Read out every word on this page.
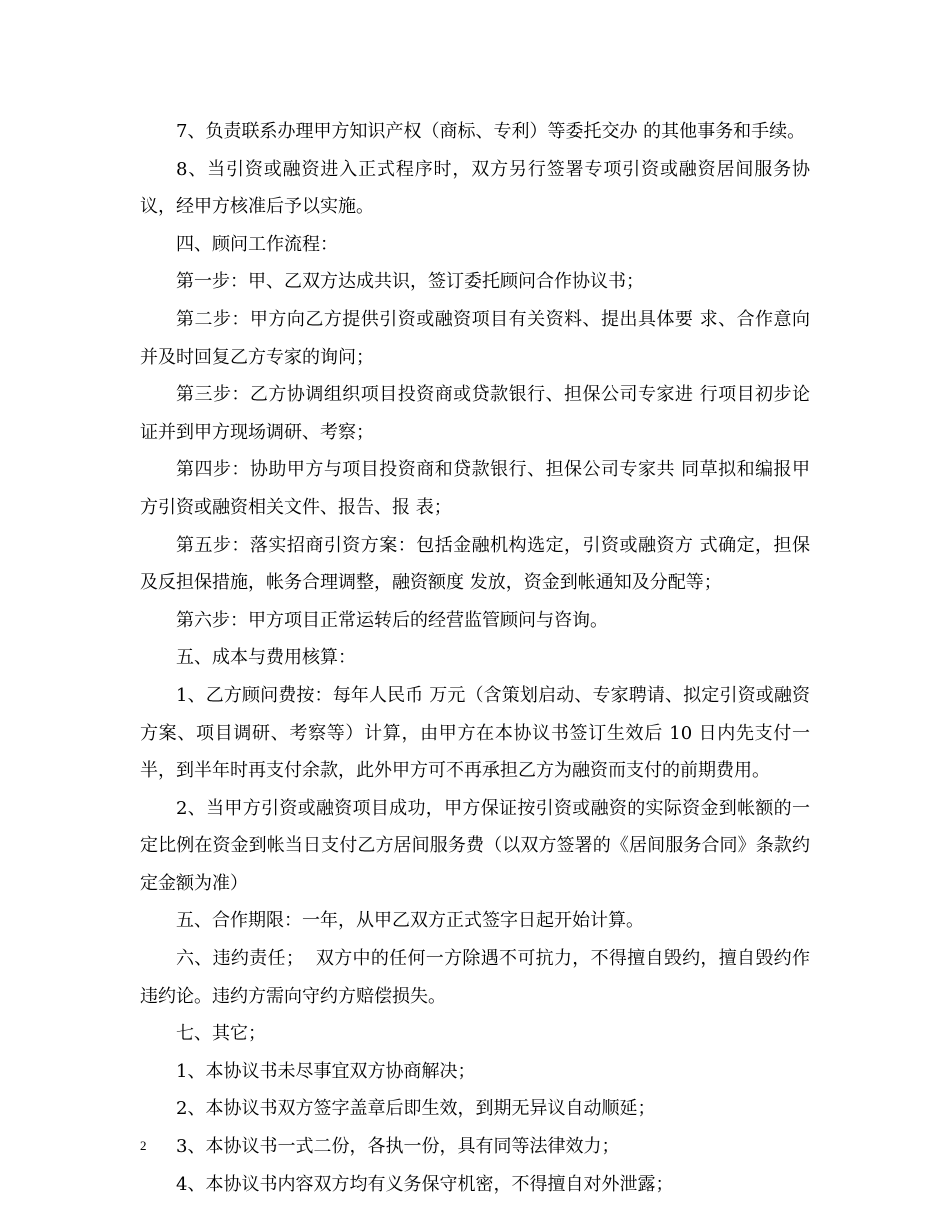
7、负责联系办理甲方知识产权（商标、专利）等委托交办 的其他事务和手续。

8、当引资或融资进入正式程序时，双方另行签署专项引资或融资居间服务协议，经甲方核准后予以实施。

四、顾问工作流程：

第一步：甲、乙双方达成共识，签订委托顾问合作协议书；

第二步：甲方向乙方提供引资或融资项目有关资料、提出具体要 求、合作意向并及时回复乙方专家的询问；

第三步：乙方协调组织项目投资商或贷款银行、担保公司专家进 行项目初步论证并到甲方现场调研、考察；

第四步：协助甲方与项目投资商和贷款银行、担保公司专家共 同草拟和编报甲方引资或融资相关文件、报告、报 表；

第五步：落实招商引资方案：包括金融机构选定，引资或融资方 式确定，担保及反担保措施，帐务合理调整，融资额度 发放，资金到帐通知及分配等；

第六步：甲方项目正常运转后的经营监管顾问与咨询。

五、成本与费用核算：

1、乙方顾问费按：每年人民币 万元（含策划启动、专家聘请、拟定引资或融资方案、项目调研、考察等）计算，由甲方在本协议书签订生效后 10 日内先支付一半，到半年时再支付余款，此外甲方可不再承担乙方为融资而支付的前期费用。

2、当甲方引资或融资项目成功，甲方保证按引资或融资的实际资金到帐额的一定比例在资金到帐当日支付乙方居间服务费（以双方签署的《居间服务合同》条款约定金额为准）

五、合作期限：一年，从甲乙双方正式签字日起开始计算。

六、违约责任；  双方中的任何一方除遇不可抗力，不得擅自毁约，擅自毁约作违约论。违约方需向守约方赔偿损失。

七、其它；

1、本协议书未尽事宜双方协商解决；

2、本协议书双方签字盖章后即生效，到期无异议自动顺延；

3、本协议书一式二份，各执一份，具有同等法律效力；

4、本协议书内容双方均有义务保守机密，不得擅自对外泄露；

2
